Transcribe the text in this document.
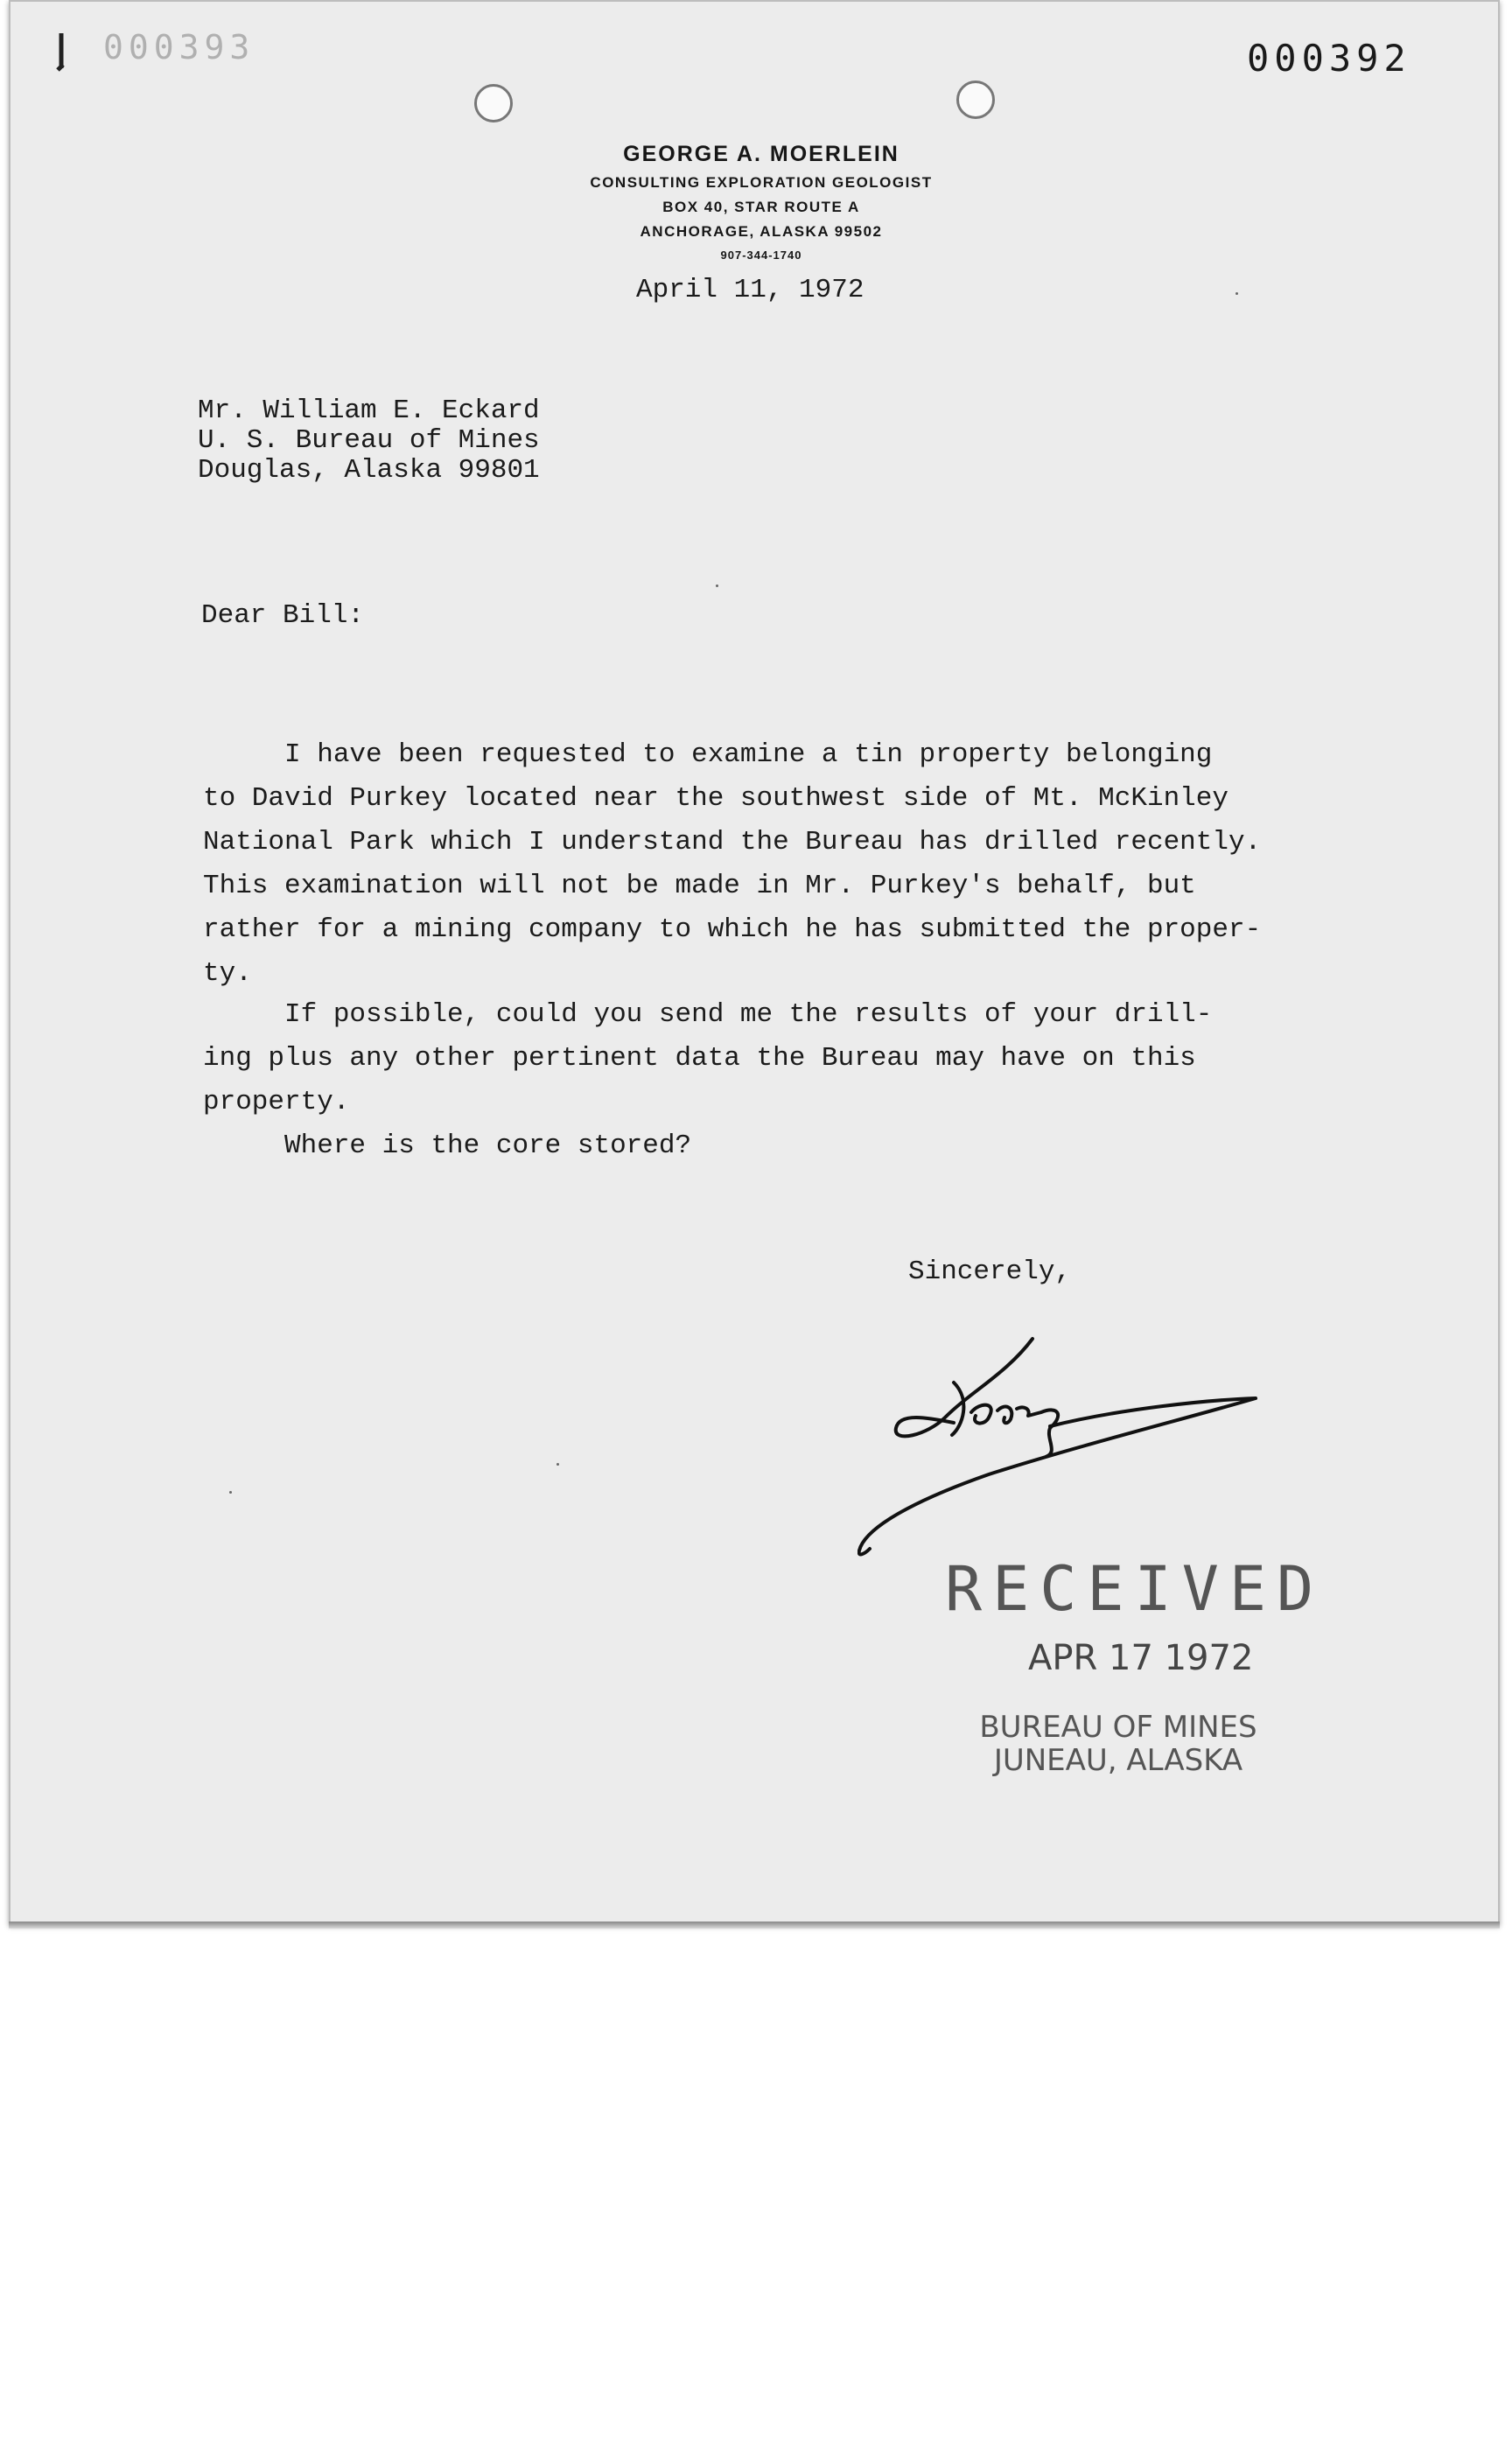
000393	000392
GEORGE A. MOERLEIN
CONSULTING EXPLORATION GEOLOGIST
BOX 40, STAR ROUTE A
ANCHORAGE, ALASKA 99502
907-344-1740
April 11, 1972
Mr. William E. Eckard
U. S. Bureau of Mines
Douglas, Alaska 99801
Dear Bill:
I have been requested to examine a tin property belonging
to David Purkey located near the southwest side of Mt. McKinley
National Park which I understand the Bureau has drilled recently.
This examination will not be made in Mr. Purkey's behalf, but
rather for a mining company to which he has submitted the proper-
ty.
If possible, could you send me the results of your drill-
ing plus any other pertinent data the Bureau may have on this
property.
Where is the core stored?
Sincerely,
RECEIVED
APR 17 1972
BUREAU OF MINES
JUNEAU, ALASKA
